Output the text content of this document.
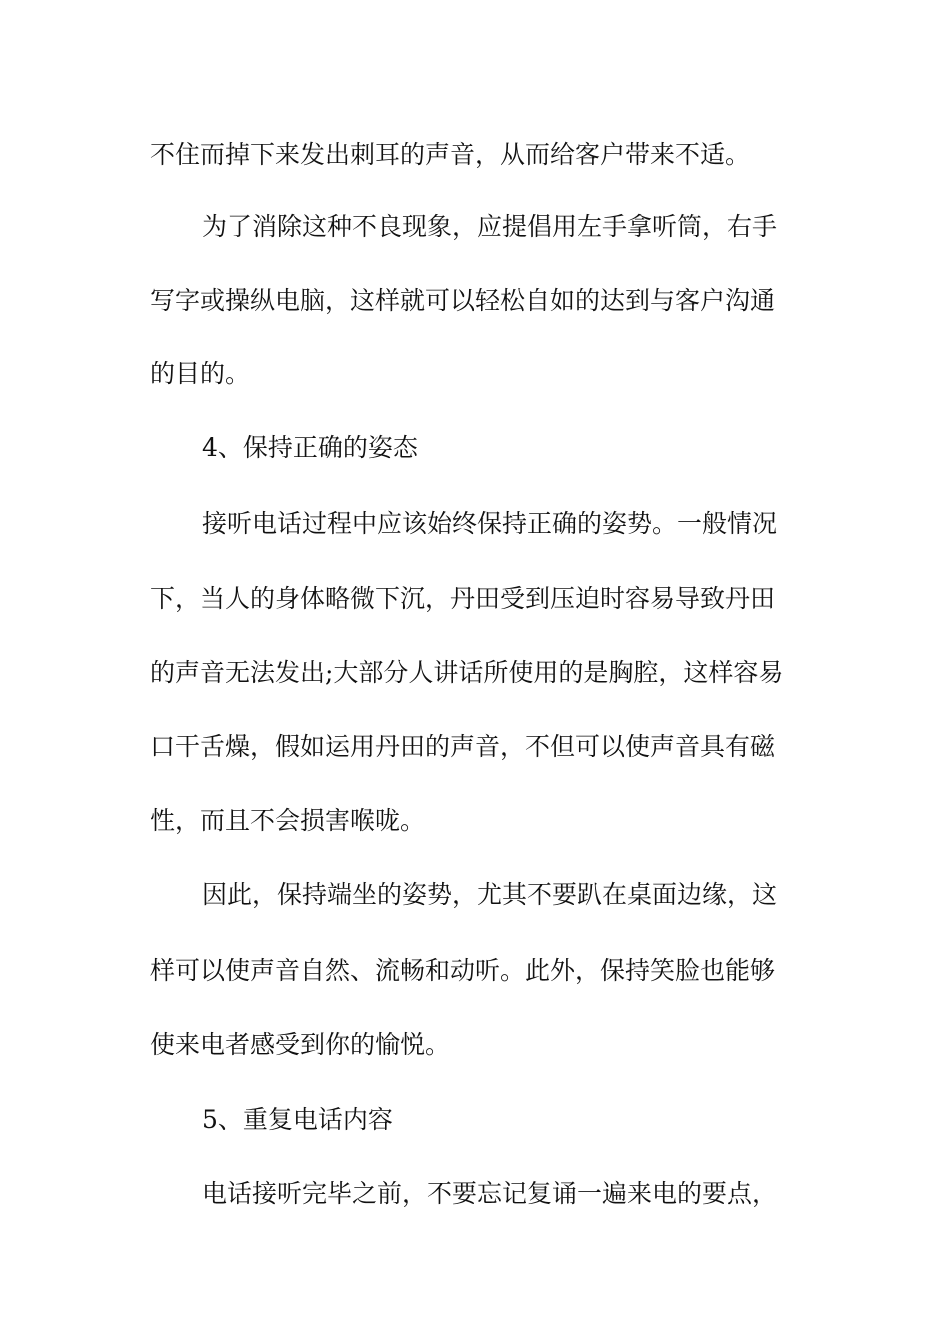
不住而掉下来发出刺耳的声音，从而给客户带来不适。
为了消除这种不良现象，应提倡用左手拿听筒，右手
写字或操纵电脑，这样就可以轻松自如的达到与客户沟通
的目的。
4、保持正确的姿态
接听电话过程中应该始终保持正确的姿势。一般情况
下，当人的身体略微下沉，丹田受到压迫时容易导致丹田
的声音无法发出;大部分人讲话所使用的是胸腔，这样容易
口干舌燥，假如运用丹田的声音，不但可以使声音具有磁
性，而且不会损害喉咙。
因此，保持端坐的姿势，尤其不要趴在桌面边缘，这
样可以使声音自然、流畅和动听。此外，保持笑脸也能够
使来电者感受到你的愉悦。
5、重复电话内容
电话接听完毕之前，不要忘记复诵一遍来电的要点，
